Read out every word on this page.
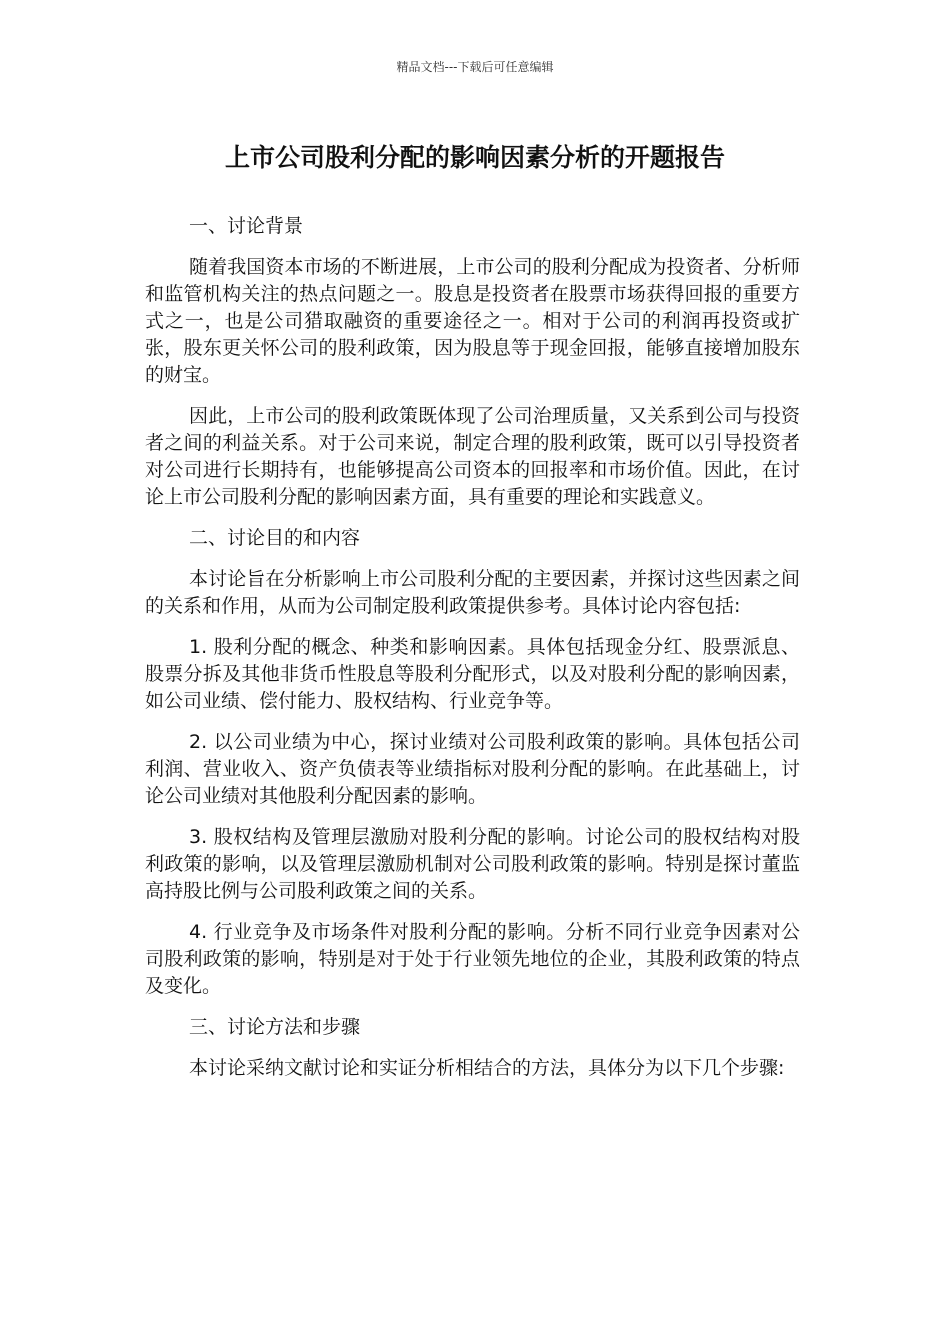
精品文档---下载后可任意编辑
上市公司股利分配的影响因素分析的开题报告
一、讨论背景

随着我国资本市场的不断进展，上市公司的股利分配成为投资者、分析师和监管机构关注的热点问题之一。股息是投资者在股票市场获得回报的重要方式之一，也是公司猎取融资的重要途径之一。相对于公司的利润再投资或扩张，股东更关怀公司的股利政策，因为股息等于现金回报，能够直接增加股东的财宝。

因此，上市公司的股利政策既体现了公司治理质量，又关系到公司与投资者之间的利益关系。对于公司来说，制定合理的股利政策，既可以引导投资者对公司进行长期持有，也能够提高公司资本的回报率和市场价值。因此，在讨论上市公司股利分配的影响因素方面，具有重要的理论和实践意义。

二、讨论目的和内容

本讨论旨在分析影响上市公司股利分配的主要因素，并探讨这些因素之间的关系和作用，从而为公司制定股利政策提供参考。具体讨论内容包括:

1. 股利分配的概念、种类和影响因素。具体包括现金分红、股票派息、股票分拆及其他非货币性股息等股利分配形式，以及对股利分配的影响因素，如公司业绩、偿付能力、股权结构、行业竞争等。

2. 以公司业绩为中心，探讨业绩对公司股利政策的影响。具体包括公司利润、营业收入、资产负债表等业绩指标对股利分配的影响。在此基础上，讨论公司业绩对其他股利分配因素的影响。

3. 股权结构及管理层激励对股利分配的影响。讨论公司的股权结构对股利政策的影响，以及管理层激励机制对公司股利政策的影响。特别是探讨董监高持股比例与公司股利政策之间的关系。

4. 行业竞争及市场条件对股利分配的影响。分析不同行业竞争因素对公司股利政策的影响，特别是对于处于行业领先地位的企业，其股利政策的特点及变化。

三、讨论方法和步骤

本讨论采纳文献讨论和实证分析相结合的方法，具体分为以下几个步骤:
